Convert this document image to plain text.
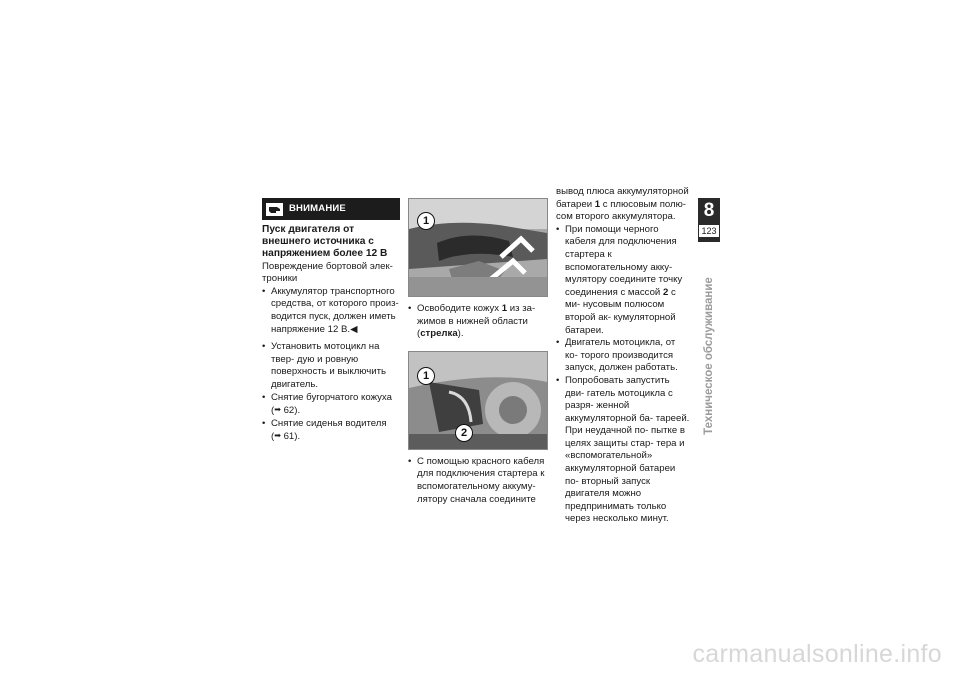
ВНИМАНИЕ

Пуск двигателя от внешнего источника с напряжением более 12 В

Повреждение бортовой элек- троники

• Аккумулятор транспортного средства, от которого произ- водится пуск, должен иметь напряжение 12 В.◀
• Установить мотоцикл на твер- дую и ровную поверхность и выключить двигатель.
• Снятие бугорчатого кожуха
(➡ 62).
• Снятие сиденья водителя
(➡ 61).
1
• Освободите кожух 1 из за- жимов в нижней области (стрелка).
1
2
• С помощью красного кабеля для подключения стартера к вспомогательному аккуму- лятору сначала соедините

вывод плюса аккумуляторной батареи 1 с плюсовым полю- сом второго аккумулятора.

• При помощи черного кабеля для подключения стартера к вспомогательному акку- мулятору соедините точку соединения с массой 2 с ми- нусовым полюсом второй ак- кумуляторной батареи.
• Двигатель мотоцикла, от ко- торого производится запуск, должен работать.
• Попробовать запустить дви- гатель мотоцикла с разря- женной аккумуляторной ба- тареей. При неудачной по- пытке в целях защиты стар- тера и «вспомогательной» аккумуляторной батареи по- вторный запуск двигателя можно предпринимать только через несколько минут.
8
123
Техническое обслуживание
carmanualsonline.info
